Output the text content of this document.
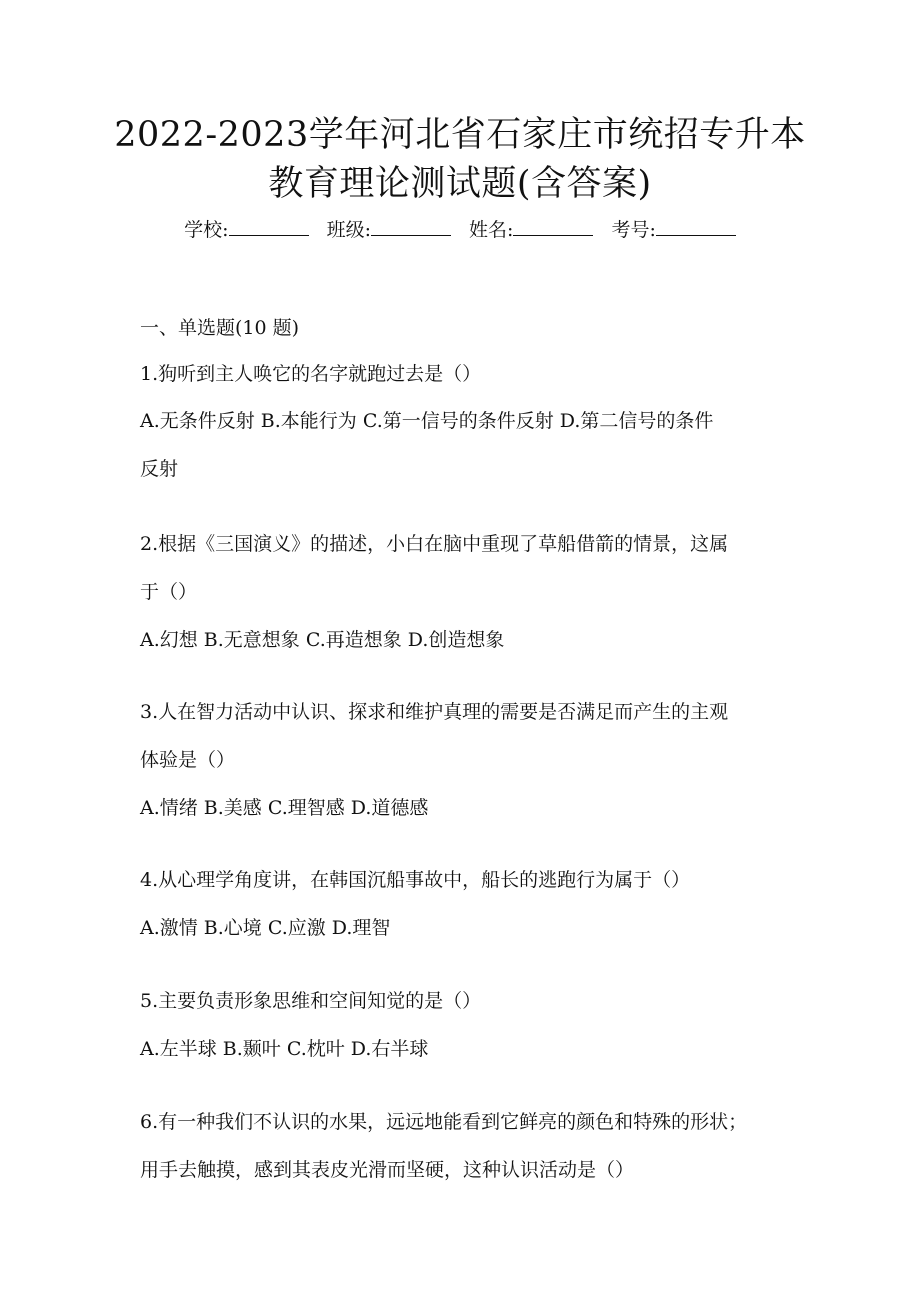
2022-2023学年河北省石家庄市统招专升本
教育理论测试题(含答案)
学校:	班级:	姓名:	考号:
一、单选题(10 题)

1.狗听到主人唤它的名字就跑过去是（）

A.无条件反射 B.本能行为 C.第一信号的条件反射 D.第二信号的条件

反射

2.根据《三国演义》的描述，小白在脑中重现了草船借箭的情景，这属

于（）

A.幻想 B.无意想象 C.再造想象 D.创造想象

3.人在智力活动中认识、探求和维护真理的需要是否满足而产生的主观

体验是（）

A.情绪 B.美感 C.理智感 D.道德感

4.从心理学角度讲，在韩国沉船事故中，船长的逃跑行为属于（）

A.激情 B.心境 C.应激 D.理智

5.主要负责形象思维和空间知觉的是（）

A.左半球 B.颞叶 C.枕叶 D.右半球

6.有一种我们不认识的水果，远远地能看到它鲜亮的颜色和特殊的形状；

用手去触摸，感到其表皮光滑而坚硬，这种认识活动是（）
